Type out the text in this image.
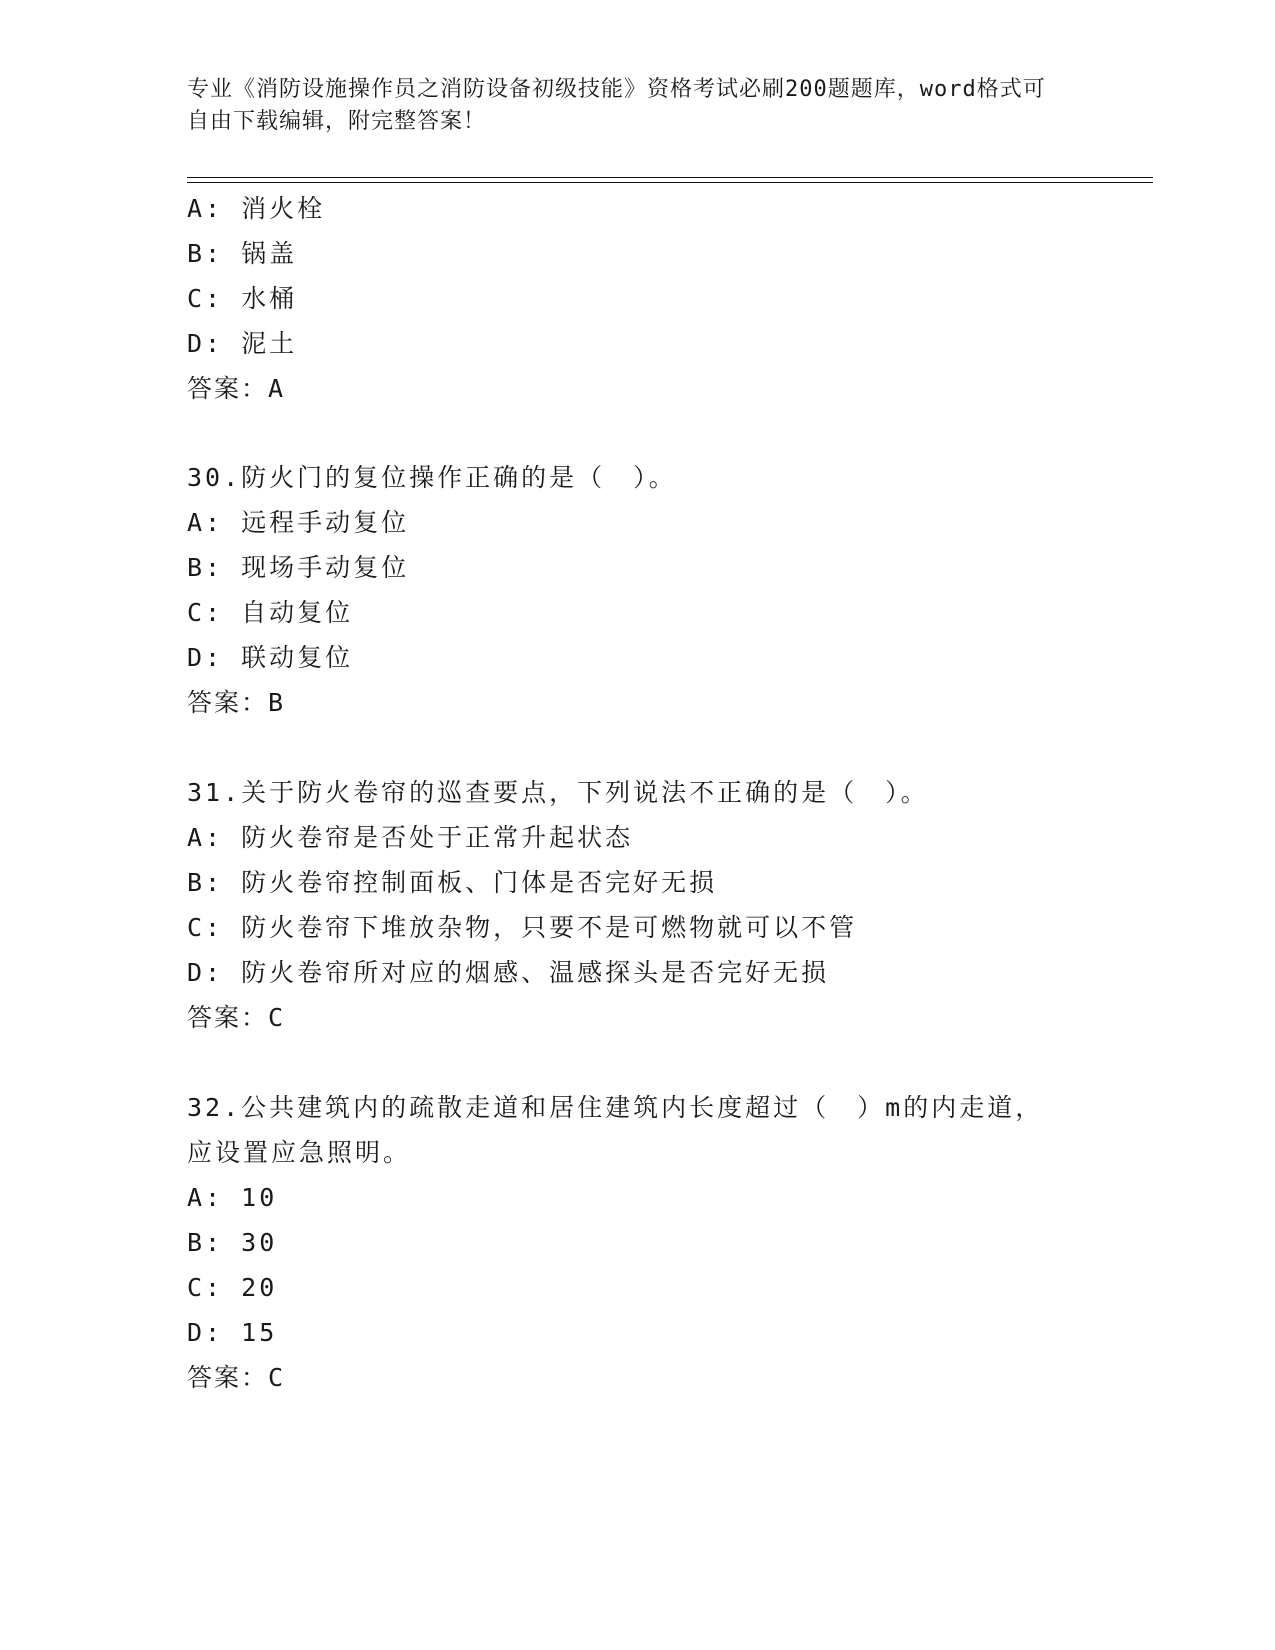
专业《消防设施操作员之消防设备初级技能》资格考试必刷200题题库，word格式可自由下载编辑，附完整答案！
A: 消火栓
B: 锅盖
C: 水桶
D: 泥土
答案：A
30.防火门的复位操作正确的是（　）。
A: 远程手动复位
B: 现场手动复位
C: 自动复位
D: 联动复位
答案：B
31.关于防火卷帘的巡查要点，下列说法不正确的是（　）。
A: 防火卷帘是否处于正常升起状态
B: 防火卷帘控制面板、门体是否完好无损
C: 防火卷帘下堆放杂物，只要不是可燃物就可以不管
D: 防火卷帘所对应的烟感、温感探头是否完好无损
答案：C
32.公共建筑内的疏散走道和居住建筑内长度超过（　）m的内走道，
应设置应急照明。
A: 10
B: 30
C: 20
D: 15
答案：C
